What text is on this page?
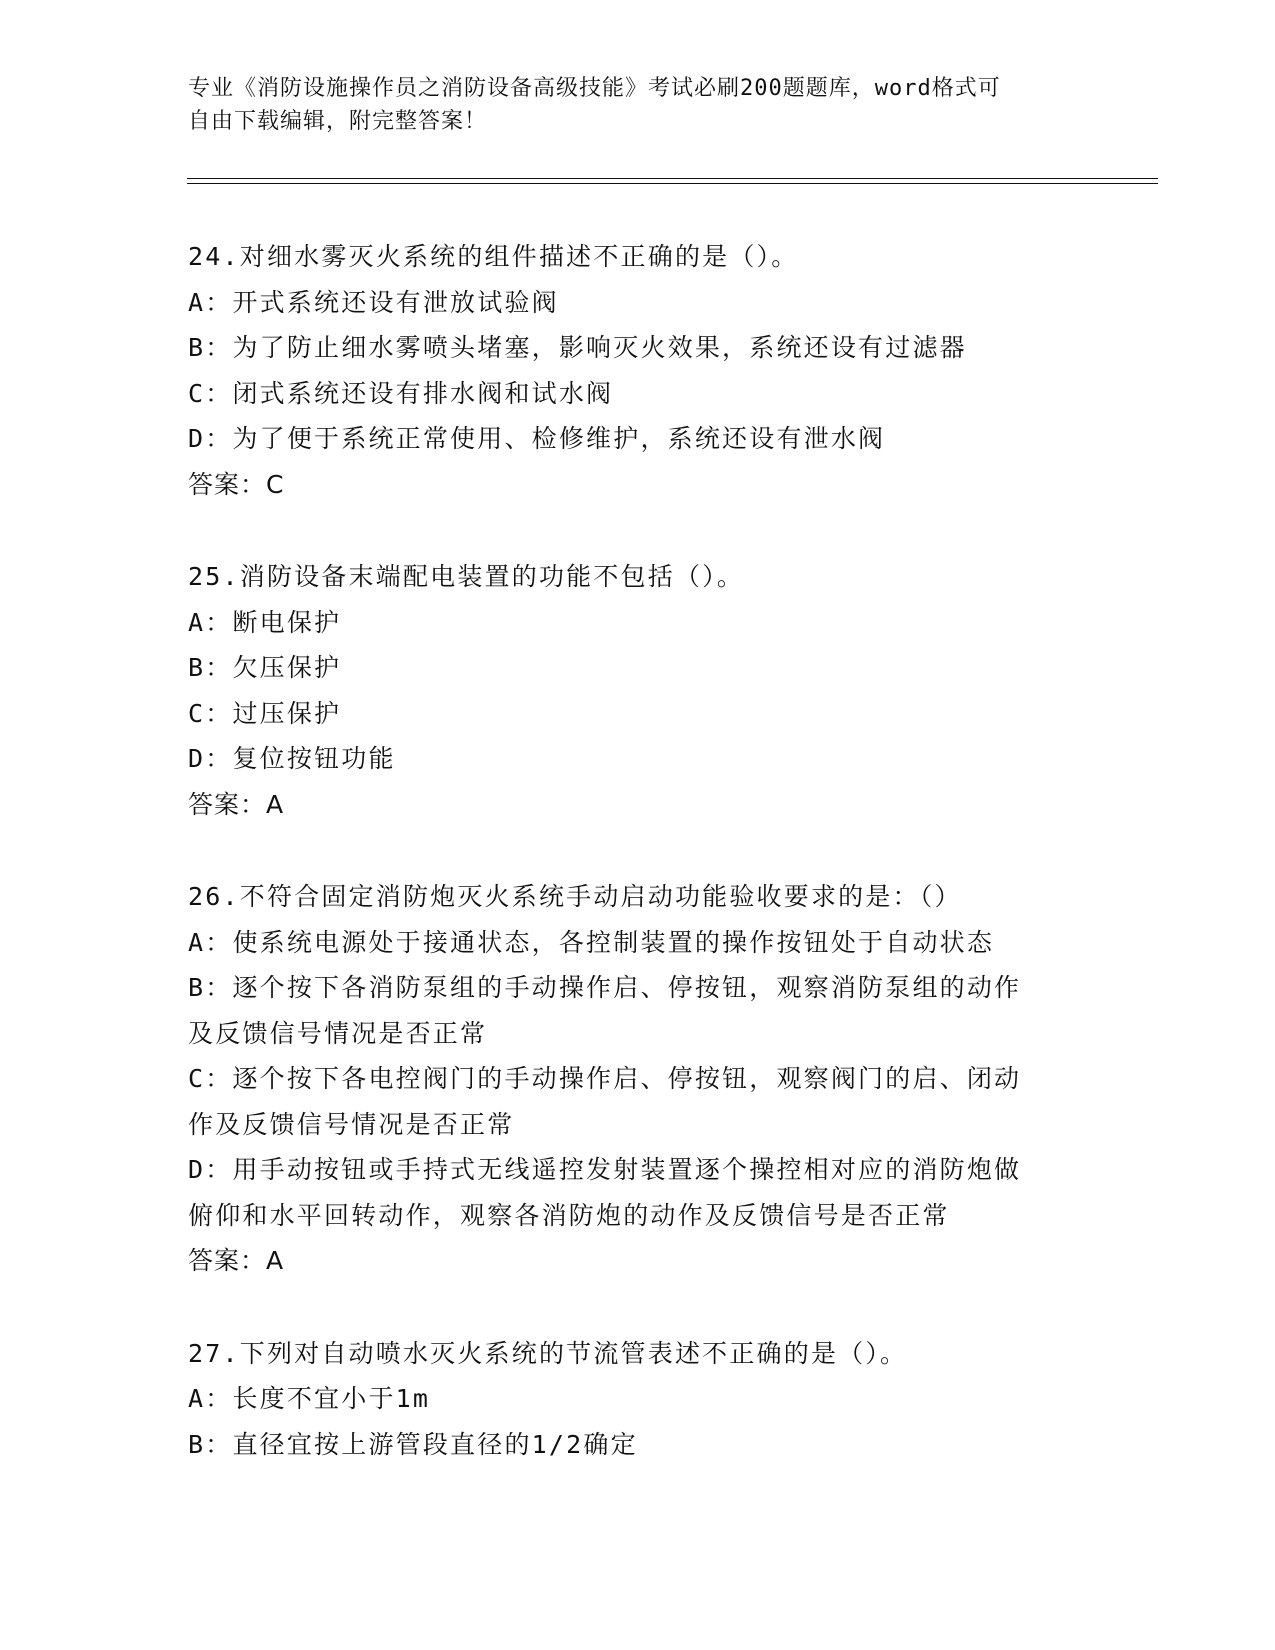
专业《消防设施操作员之消防设备高级技能》考试必刷200题题库，word格式可
自由下载编辑，附完整答案！
24.对细水雾灭火系统的组件描述不正确的是（）。
A：开式系统还设有泄放试验阀
B：为了防止细水雾喷头堵塞，影响灭火效果，系统还设有过滤器
C：闭式系统还设有排水阀和试水阀
D：为了便于系统正常使用、检修维护，系统还设有泄水阀
答案：C
25.消防设备末端配电装置的功能不包括（）。
A：断电保护
B：欠压保护
C：过压保护
D：复位按钮功能
答案：A
26.不符合固定消防炮灭火系统手动启动功能验收要求的是：（）
A：使系统电源处于接通状态，各控制装置的操作按钮处于自动状态
B：逐个按下各消防泵组的手动操作启、停按钮，观察消防泵组的动作
及反馈信号情况是否正常
C：逐个按下各电控阀门的手动操作启、停按钮，观察阀门的启、闭动
作及反馈信号情况是否正常
D：用手动按钮或手持式无线遥控发射装置逐个操控相对应的消防炮做
俯仰和水平回转动作，观察各消防炮的动作及反馈信号是否正常
答案：A
27.下列对自动喷水灭火系统的节流管表述不正确的是（）。
A：长度不宜小于1m
B：直径宜按上游管段直径的1/2确定
